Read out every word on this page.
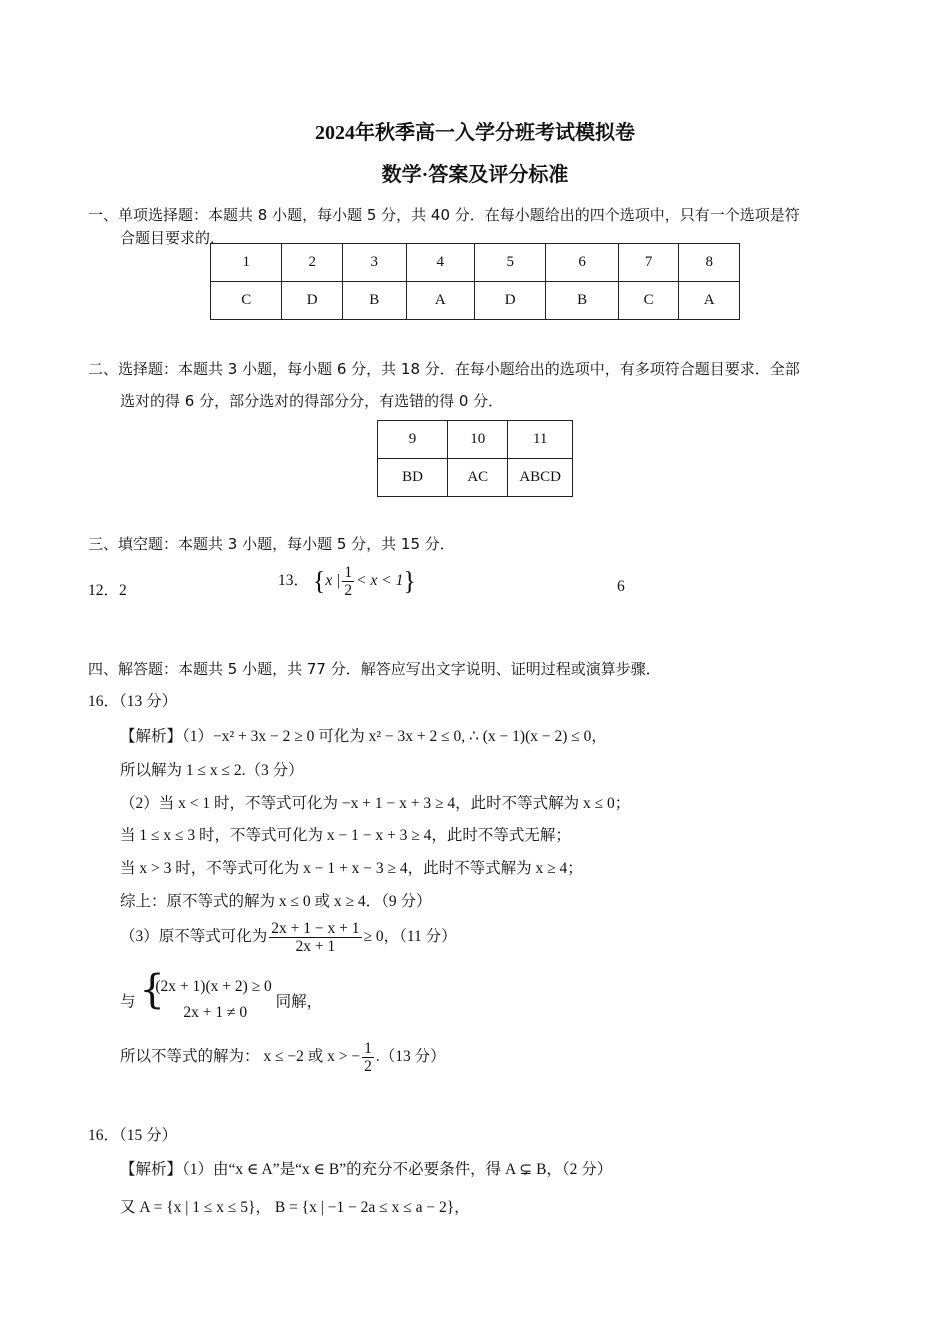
2024年秋季高一入学分班考试模拟卷
数学·答案及评分标准
一、单项选择题：本题共 8 小题，每小题 5 分，共 40 分．在每小题给出的四个选项中，只有一个选项是符
合题目要求的．
1	2	3	4	5	6	7	8
C	D	B	A	D	B	C	A
二、选择题：本题共 3 小题，每小题 6 分，共 18 分．在每小题给出的选项中，有多项符合题目要求．全部
选对的得 6 分，部分选对的得部分分，有选错的得 0 分．
9	10	11
BD	AC	ABCD
三、填空题：本题共 3 小题，每小题 5 分，共 15 分．
12．2
13． {x | $\frac{1}{2} < x < 1$}	6
四、解答题：本题共 5 小题，共 77 分．解答应写出文字说明、证明过程或演算步骤．
16．（13 分）
【解析】（1）−x² + 3x − 2 ≥ 0 可化为 x² − 3x + 2 ≤ 0, ∴ (x − 1)(x − 2) ≤ 0，
所以解为 1 ≤ x ≤ 2.（3 分）
（2）当 x < 1 时，不等式可化为 −x + 1 − x + 3 ≥ 4，此时不等式解为 x ≤ 0；
当 1 ≤ x ≤ 3 时，不等式可化为 x − 1 − x + 3 ≥ 4，此时不等式无解；
当 x > 3 时，不等式可化为 x − 1 + x − 3 ≥ 4，此时不等式解为 x ≥ 4；
综上：原不等式的解为 x ≤ 0 或 x ≥ 4．（9 分）
（3）原不等式可化为 $\frac{2x + 1 - x + 1}{2x + 1} \ge 0$，（11 分）
与 {
(2x + 1)(x + 2) ≥ 0
2x + 1 ≠ 0
同解，
所以不等式的解为： x ≤ −2 或 x > − $\frac{1}{2} .(13$ 分）
16．（15 分）
【解析】（1）由“x ∈ A”是“x ∈ B”的充分不必要条件，得 A ⊊ B，（2 分）
又 A = {x | 1 ≤ x ≤ 5}， B = {x | −1 − 2a ≤ x ≤ a − 2}，
